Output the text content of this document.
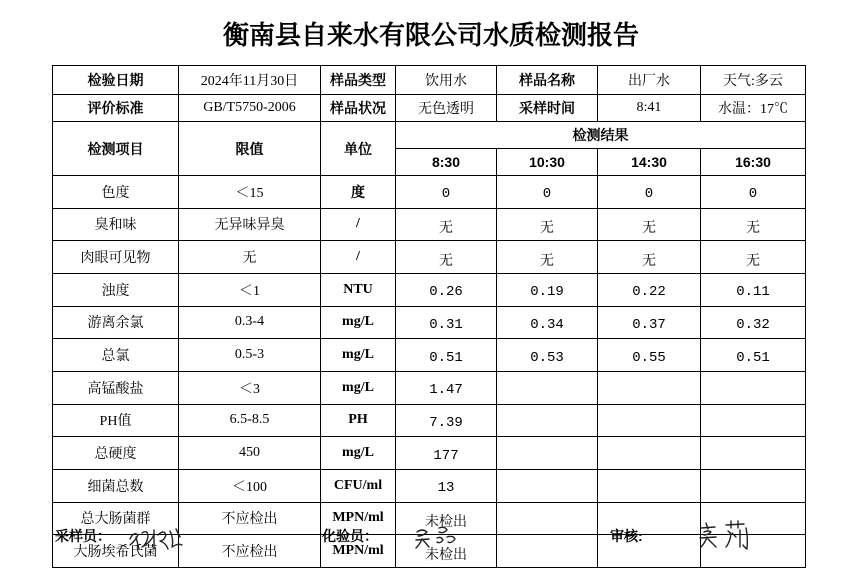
衡南县自来水有限公司水质检测报告
检验日期	2024年11月30日	样品类型	饮用水	样品名称	出厂水	天气:多云
评价标准	GB/T5750-2006	样品状况	无色透明	采样时间	8:41	水温：17℃
检测项目	限值	单位	检测结果			
			8:30	10:30	14:30	16:30
色度	＜15	度	0	0	0	0
臭和味	无异味异臭	/	无	无	无	无
肉眼可见物	无	/	无	无	无	无
浊度	＜1	NTU	0.26	0.19	0.22	0.11
游离余氯	0.3-4	mg/L	0.31	0.34	0.37	0.32
总氯	0.5-3	mg/L	0.51	0.53	0.55	0.51
高锰酸盐	＜3	mg/L	1.47			
PH值	6.5-8.5	PH	7.39			
总硬度	450	mg/L	177			
细菌总数	＜100	CFU/ml	13			
总大肠菌群	不应检出	MPN/ml	未检出			
大肠埃希氏菌	不应检出	MPN/ml	未检出			
采样员：	化验员：	审核:
